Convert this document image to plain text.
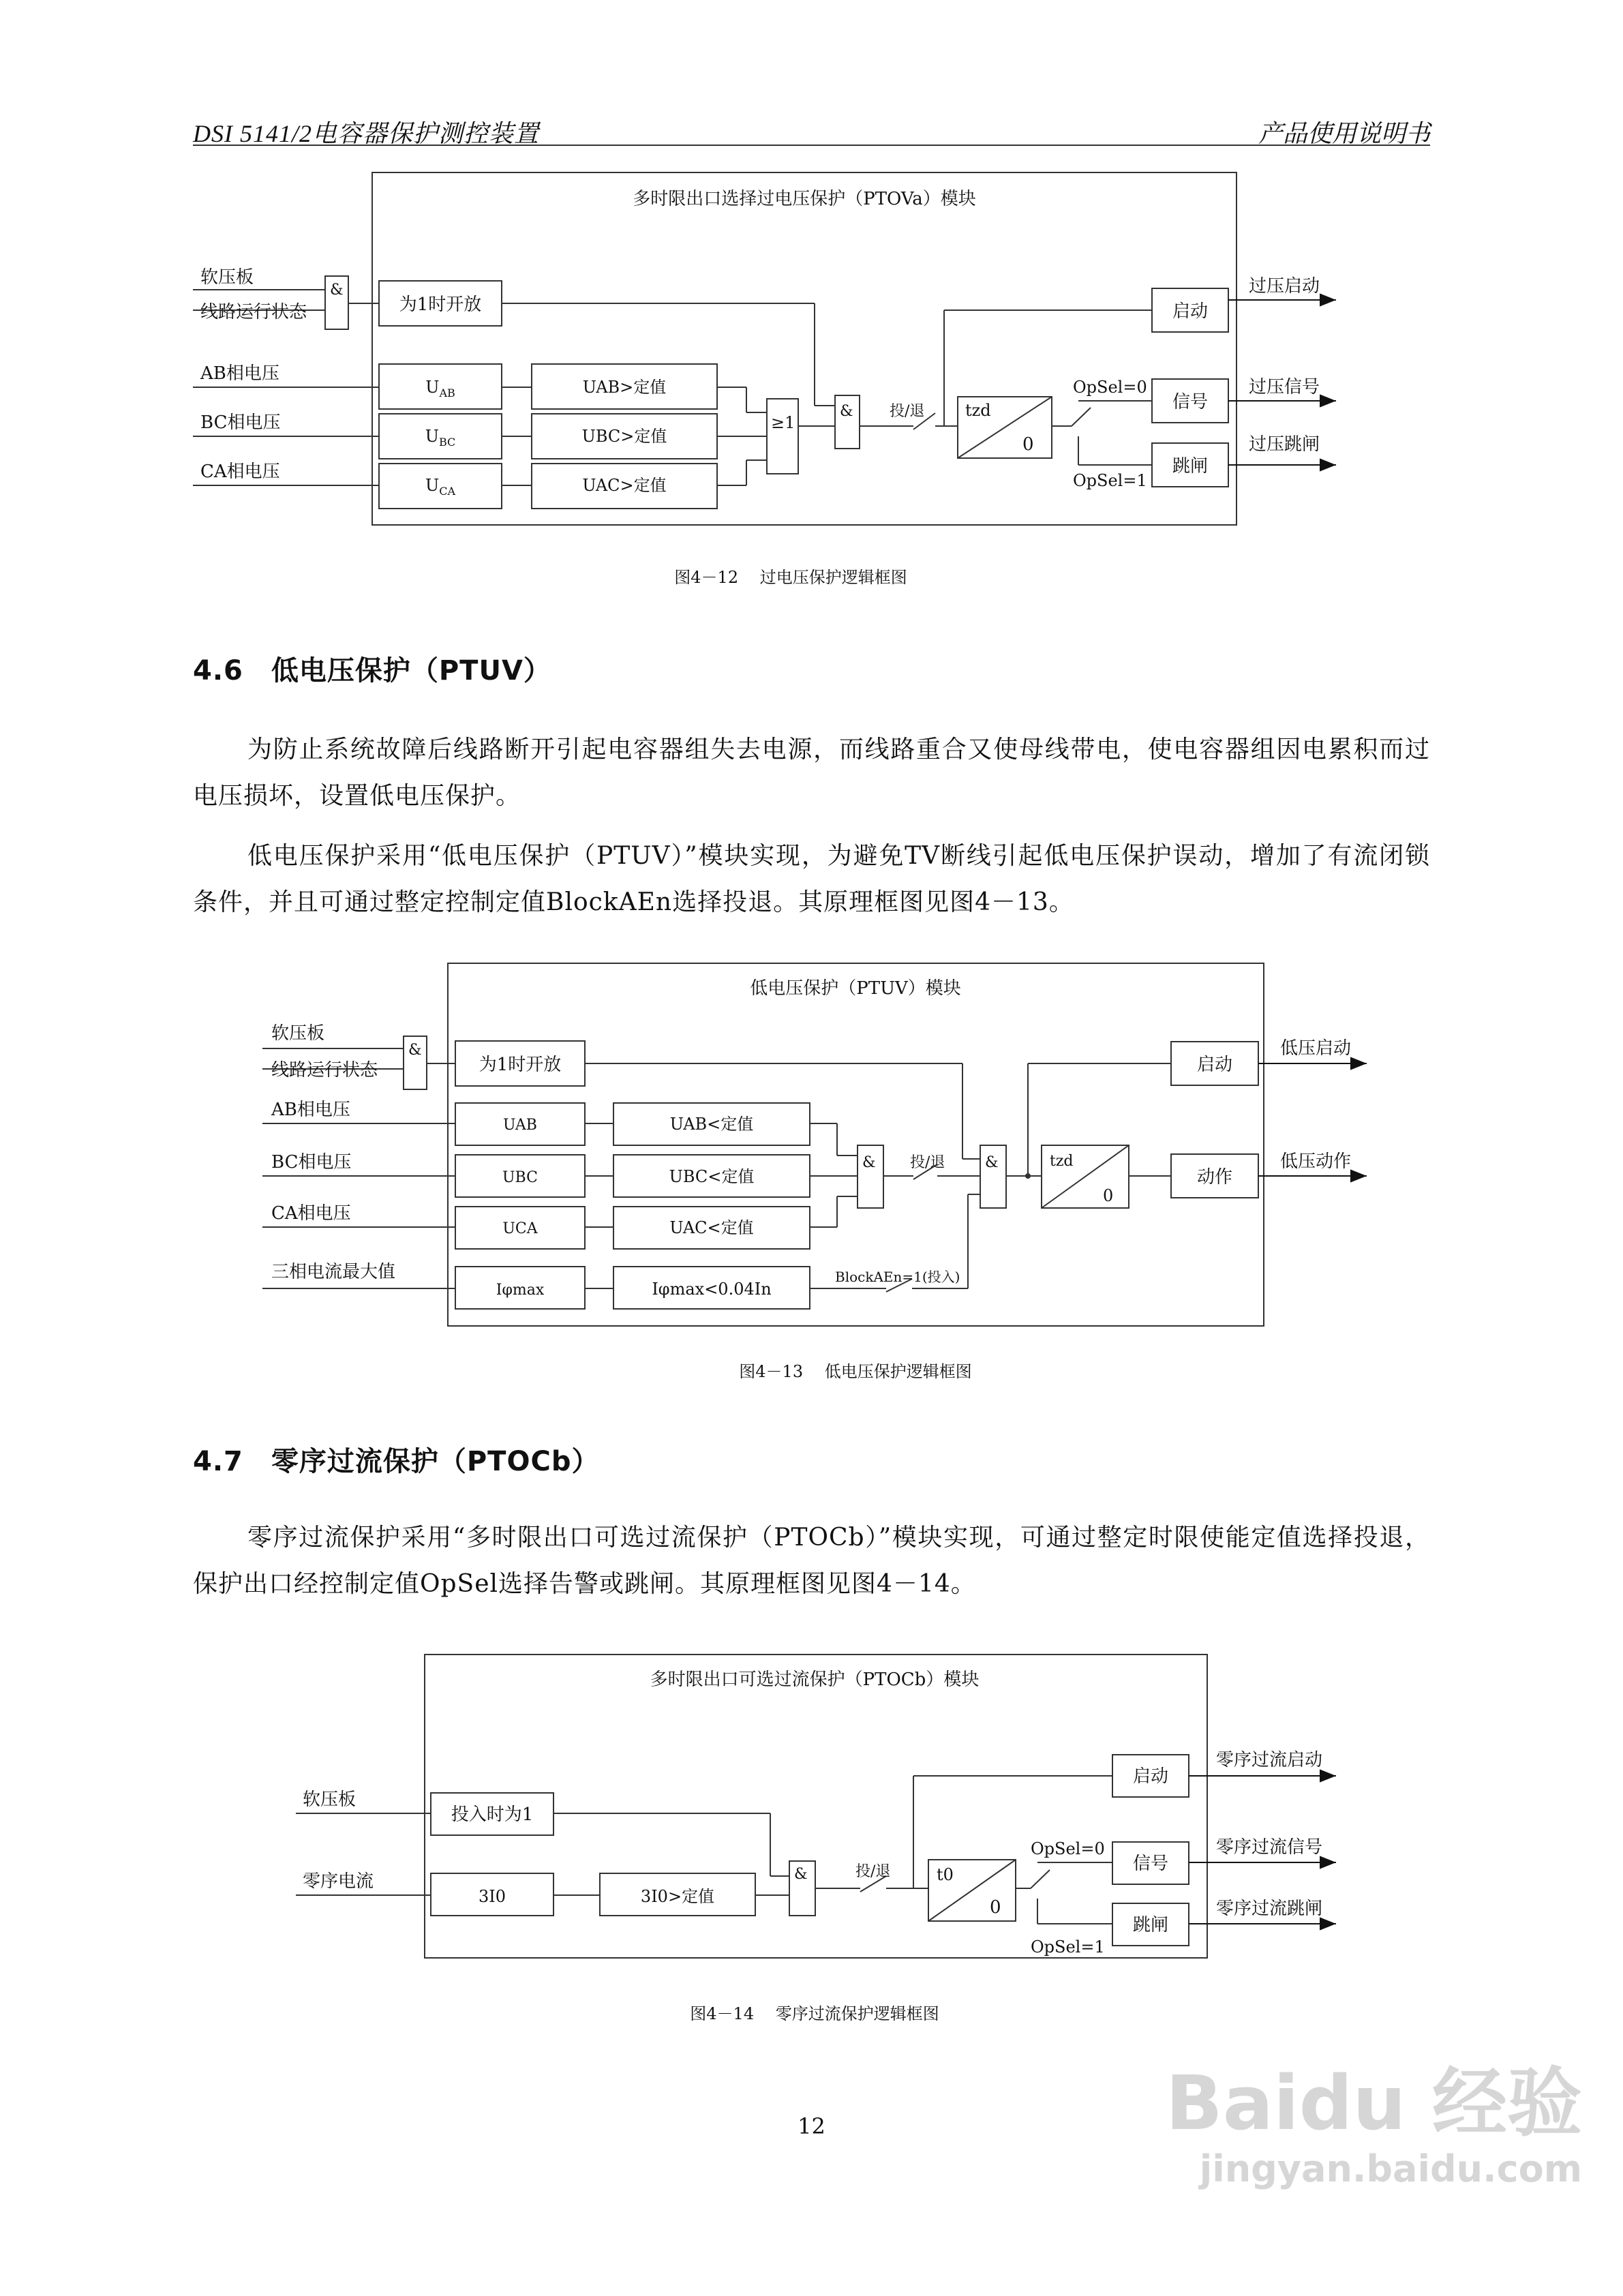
DSI 5141/2电容器保护测控装置	产品使用说明书
多时限出口选择过电压保护（PTOVa）模块
软压板
线路运行状态
AB相电压
BC相电压
CA相电压
&
为1时开放
$U_{AB}$
$U_{BC}$
$U_{CA}$
UAB>定值
UBC>定值
UAC>定值
≥1
& 投/退 tzd
0
OpSel=0
OpSel=1
启动
信号
跳闸
过压启动
过压信号
过压跳闸
图4－12　 过电压保护逻辑框图
4.6　低电压保护（PTUV）
为防止系统故障后线路断开引起电容器组失去电源，而线路重合又使母线带电，使电容器组因电累积而过电压损坏，设置低电压保护。
低电压保护采用“低电压保护（PTUV）”模块实现，为避免TV断线引起低电压保护误动，增加了有流闭锁条件，并且可通过整定控制定值BlockAEn选择投退。其原理框图见图4－13。
低电压保护（PTUV）模块
软压板
线路运行状态
AB相电压
BC相电压
CA相电压
三相电流最大值
&
为1时开放
UAB
UBC
UCA
Iφmax
UAB<定值
UBC<定值
UAC<定值
Iφmax<0.04In
BlockAEn=1(投入)
& 投/退	&	tzd
0
启动
动作
低压启动
低压动作
图4－13　 低电压保护逻辑框图
4.7　零序过流保护（PTOCb）
零序过流保护采用“多时限出口可选过流保护（PTOCb）”模块实现，可通过整定时限使能定值选择投退，保护出口经控制定值OpSel选择告警或跳闸。其原理框图见图4－14。
多时限出口可选过流保护（PTOCb）模块
软压板
零序电流
投入时为1
3I0	3I0>定值
&	投/退	t0
0
OpSel=0
OpSel=1
启动
信号
跳闸
零序过流启动
零序过流信号
零序过流跳闸
图4－14　 零序过流保护逻辑框图
12	Baidu 经验
jingyan.baidu.com
